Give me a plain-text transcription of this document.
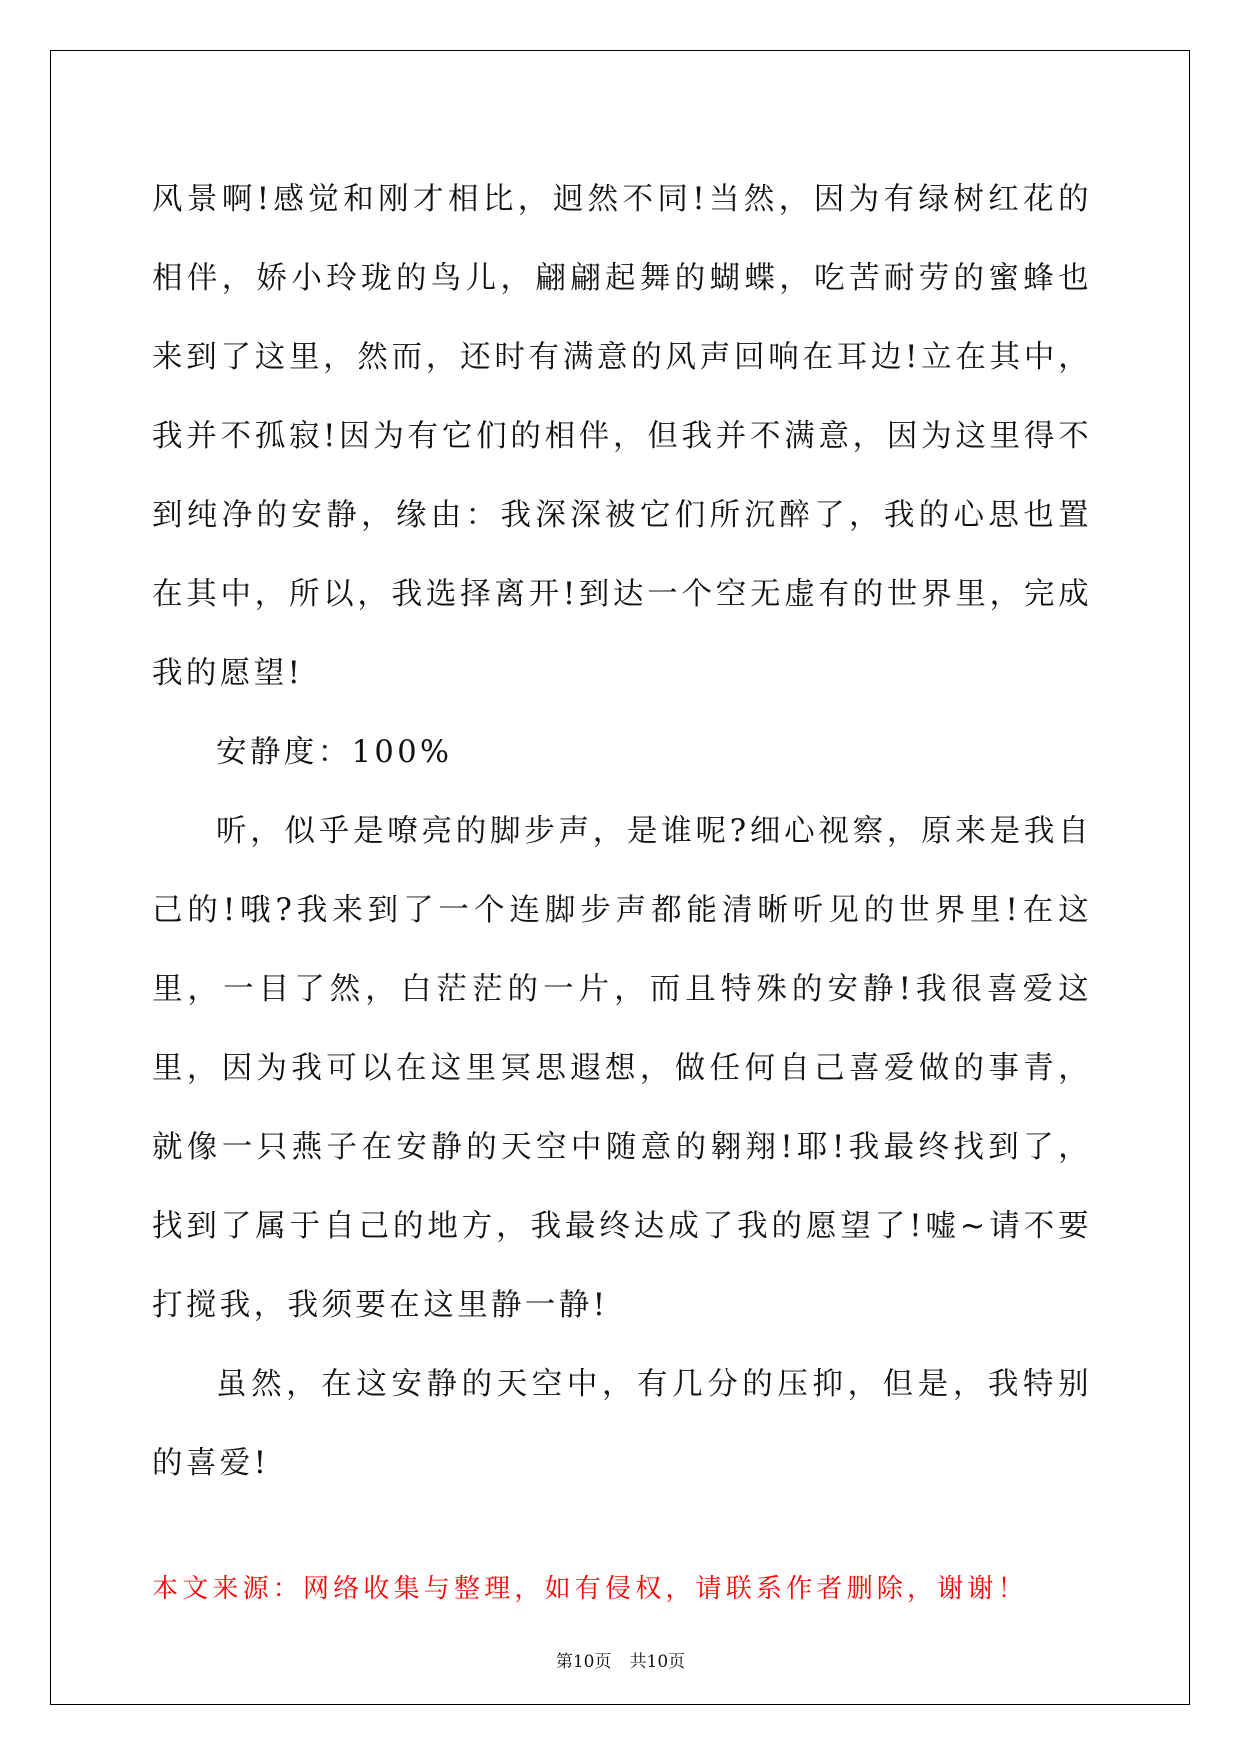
风景啊!感觉和刚才相比，迥然不同!当然，因为有绿树红花的相伴，娇小玲珑的鸟儿，翩翩起舞的蝴蝶，吃苦耐劳的蜜蜂也来到了这里，然而，还时有满意的风声回响在耳边!立在其中，我并不孤寂!因为有它们的相伴，但我并不满意，因为这里得不到纯净的安静，缘由：我深深被它们所沉醉了，我的心思也置在其中，所以，我选择离开!到达一个空无虚有的世界里，完成我的愿望!

安静度：100%

听，似乎是嘹亮的脚步声，是谁呢?细心视察，原来是我自己的!哦?我来到了一个连脚步声都能清晰听见的世界里!在这里，一目了然，白茫茫的一片，而且特殊的安静!我很喜爱这里，因为我可以在这里冥思遐想，做任何自己喜爱做的事青，就像一只燕子在安静的天空中随意的翱翔!耶!我最终找到了，找到了属于自己的地方，我最终达成了我的愿望了!嘘~请不要打搅我，我须要在这里静一静!

虽然，在这安静的天空中，有几分的压抑，但是，我特别的喜爱!

本文来源：网络收集与整理，如有侵权，请联系作者删除，谢谢！

第10页 共10页
